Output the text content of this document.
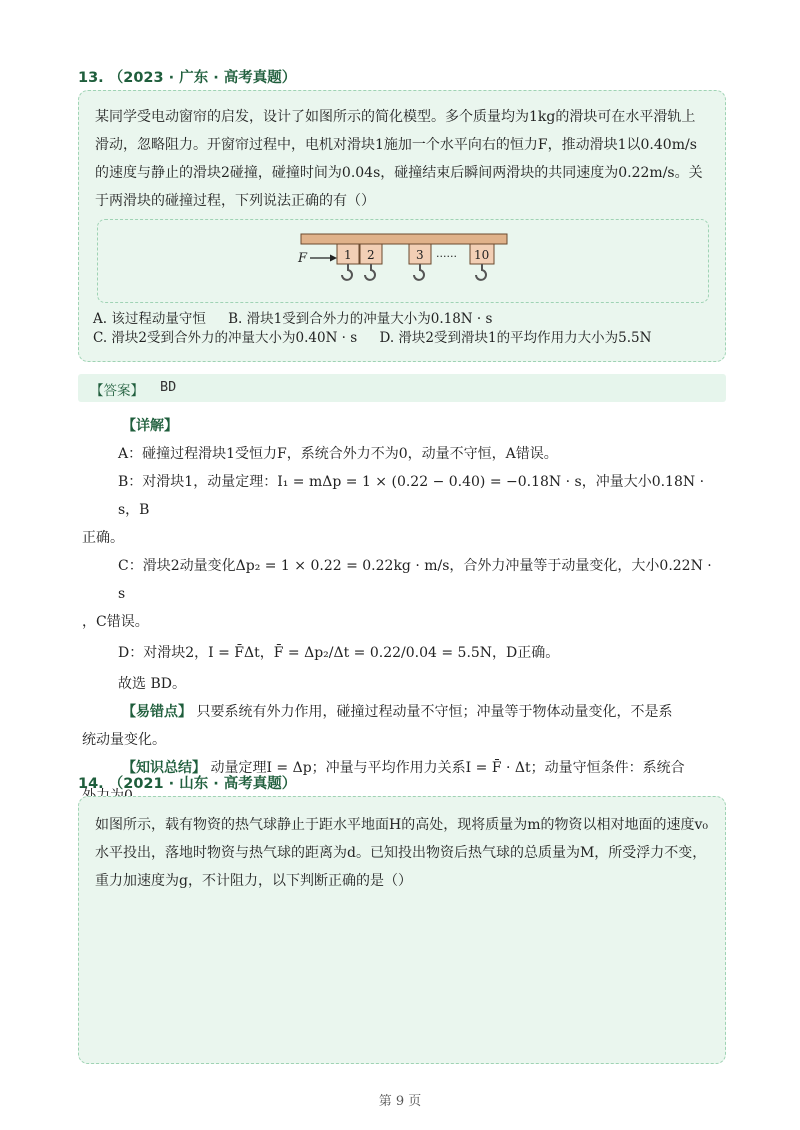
13. （2023 · 广东 · 高考真题）
某同学受电动窗帘的启发，设计了如图所示的简化模型。多个质量均为1kg的滑块可在水平滑轨上滑动，忽略阻力。开窗帘过程中，电机对滑块1施加一个水平向右的恒力F，推动滑块1以0.40m/s的速度与静止的滑块2碰撞，碰撞时间为0.04s，碰撞结束后瞬间两滑块的共同速度为0.22m/s。关于两滑块的碰撞过程，下列说法正确的有（）
F	1 2	3 ······ 10
A. 该过程动量守恒 B. 滑块1受到合外力的冲量大小为0.18N · s
C. 滑块2受到合外力的冲量大小为0.40N · s D. 滑块2受到滑块1的平均作用力大小为5.5N
【答案】 BD
【详解】
A：碰撞过程滑块1受恒力F，系统合外力不为0，动量不守恒，A错误。
B：对滑块1，动量定理：I₁ = mΔp = 1 × (0.22 − 0.40) = −0.18N · s，冲量大小0.18N · s，B
正确。
C：滑块2动量变化Δp₂ = 1 × 0.22 = 0.22kg · m/s，合外力冲量等于动量变化，大小0.22N · s
，C错误。
D：对滑块2，I = F̄Δt，F̄ = Δp₂/Δt = 0.22/0.04 = 5.5N，D正确。
故选 BD。
【易错点】 只要系统有外力作用，碰撞过程动量不守恒；冲量等于物体动量变化，不是系
统动量变化。
【知识总结】 动量定理I = Δp；冲量与平均作用力关系I = F̄ · Δt；动量守恒条件：系统合
14. （2021 · 山东 · 高考真题）
如图所示，载有物资的热气球静止于距水平地面H的高处，现将质量为m的物资以相对地面的速度v₀水平投出，落地时物资与热气球的距离为d。已知投出物资后热气球的总质量为M，所受浮力不变，重力加速度为g，不计阻力，以下判断正确的是（）
第 9 页
